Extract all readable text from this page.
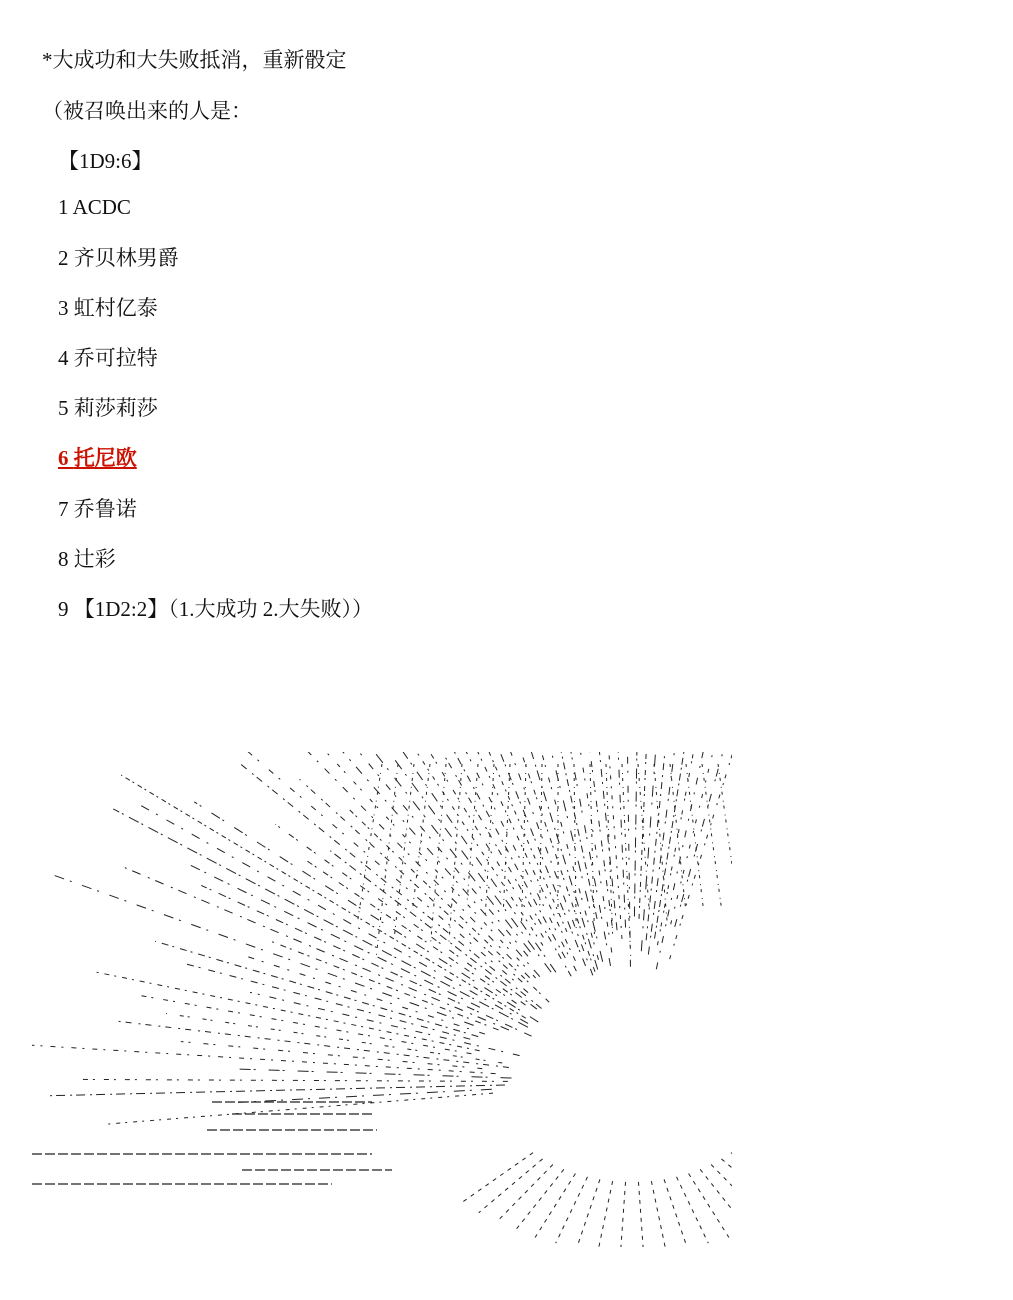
*大成功和大失败抵消，重新骰定
（被召唤出来的人是：
【1D9:6】
1 ACDC
2 齐贝林男爵
3 虹村亿泰
4 乔可拉特
5 莉莎莉莎
6 托尼欧
7 乔鲁诺
8 辻彩
9 【1D2:2】（1.大成功 2.大失败））
